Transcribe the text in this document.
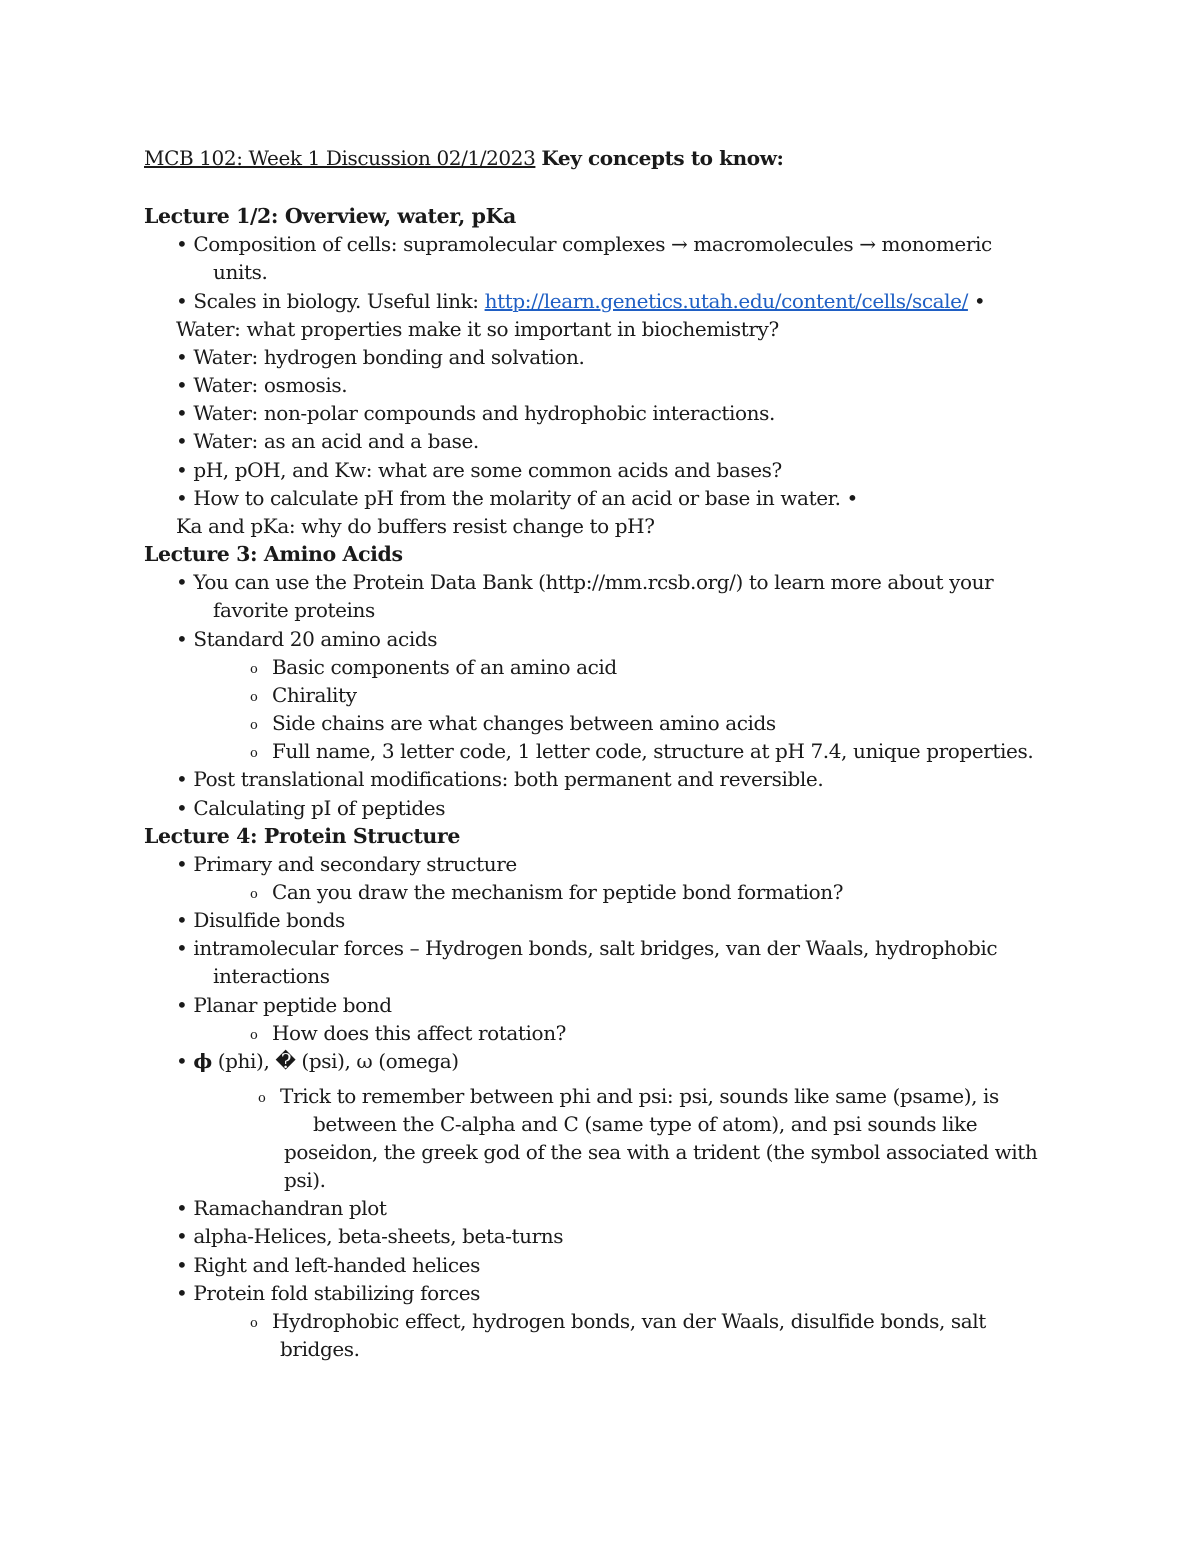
MCB 102: Week 1 Discussion 02/1/2023 Key concepts to know:
Lecture 1/2: Overview, water, pKa
• Composition of cells: supramolecular complexes → macromolecules → monomeric
units.
• Scales in biology. Useful link: http://learn.genetics.utah.edu/content/cells/scale/ •
Water: what properties make it so important in biochemistry?
• Water: hydrogen bonding and solvation.
• Water: osmosis.
• Water: non-polar compounds and hydrophobic interactions.
• Water: as an acid and a base.
• pH, pOH, and Kw: what are some common acids and bases?
• How to calculate pH from the molarity of an acid or base in water. •
Ka and pKa: why do buffers resist change to pH?
Lecture 3: Amino Acids
• You can use the Protein Data Bank (http://mm.rcsb.org/) to learn more about your
favorite proteins
• Standard 20 amino acids
o Basic components of an amino acid
o Chirality
o Side chains are what changes between amino acids
o Full name, 3 letter code, 1 letter code, structure at pH 7.4, unique properties.
• Post translational modifications: both permanent and reversible.
• Calculating pI of peptides
Lecture 4: Protein Structure
• Primary and secondary structure
o Can you draw the mechanism for peptide bond formation?
• Disulfide bonds
• intramolecular forces – Hydrogen bonds, salt bridges, van der Waals, hydrophobic
interactions
• Planar peptide bond
o How does this affect rotation?
• ϕ (phi), � (psi), ω (omega)
o Trick to remember between phi and psi: psi, sounds like same (psame), is
between the C-alpha and C (same type of atom), and psi sounds like
poseidon, the greek god of the sea with a trident (the symbol associated with
psi).
• Ramachandran plot
• alpha-Helices, beta-sheets, beta-turns
• Right and left-handed helices
• Protein fold stabilizing forces
o Hydrophobic effect, hydrogen bonds, van der Waals, disulfide bonds, salt
bridges.
